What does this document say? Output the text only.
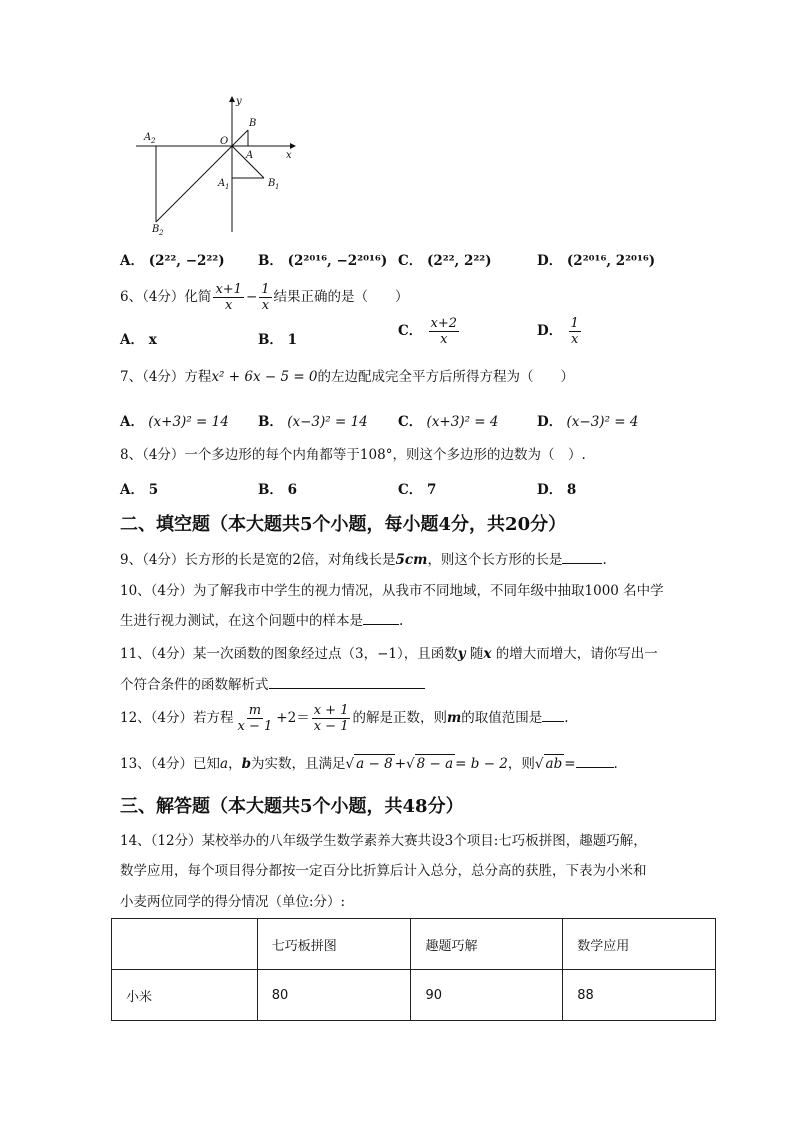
y
x
O
B
A
A 1	B 1
A 2
B 2
A． (2²², −2²²) B． (2²⁰¹⁶, −2²⁰¹⁶) C． (2²², 2²²)	D． (2²⁰¹⁶, 2²⁰¹⁶)
6、（4分）化简 $\frac{x+1}{x} - \frac{1}{x}$ 结果正确的是（　　）
A． x	B． 1
C． $\frac{x+2}{x}$	D． $\frac{1}{x}$
7、（4分）方程x² + 6x − 5 = 0的左边配成完全平方后所得方程为（　　）
A． (x+3)² = 14 B． (x−3)² = 14 C． (x+3)² = 4	D． (x−3)² = 4
8、（4分）一个多边形的每个内角都等于108°，则这个多边形的边数为（　）.
A． 5	B． 6	C． 7	D． 8
二、填空题（本大题共5个小题，每小题4分，共20分）
9、（4分）长方形的长是宽的2倍，对角线长是5cm，则这个长方形的长是	.
10、（4分）为了解我市中学生的视力情况，从我市不同地域，不同年级中抽取1000 名中学
生进行视力测试，在这个问题中的样本是	.
11、（4分）某一次函数的图象经过点（3，−1），且函数y 随x 的增大而增大，请你写出一
个符合条件的函数解析式
12、（4分）若方程 $\frac{m}{x - 1} +2= \frac{x + 1}{x - 1}$ 的解是正数，则m的取值范围是 .
13、（4分）已知a，b为实数，且满足√ a − 8 +√ 8 − a = b − 2，则√ ab =	.
三、解答题（本大题共5个小题，共48分）
14、（12分）某校举办的八年级学生数学素养大赛共设3个项目:七巧板拼图，趣题巧解，
数学应用，每个项目得分都按一定百分比折算后计入总分，总分高的获胜，下表为小米和
小麦两位同学的得分情况（单位:分）:
	七巧板拼图	趣题巧解	数学应用
小米	80	90	88
